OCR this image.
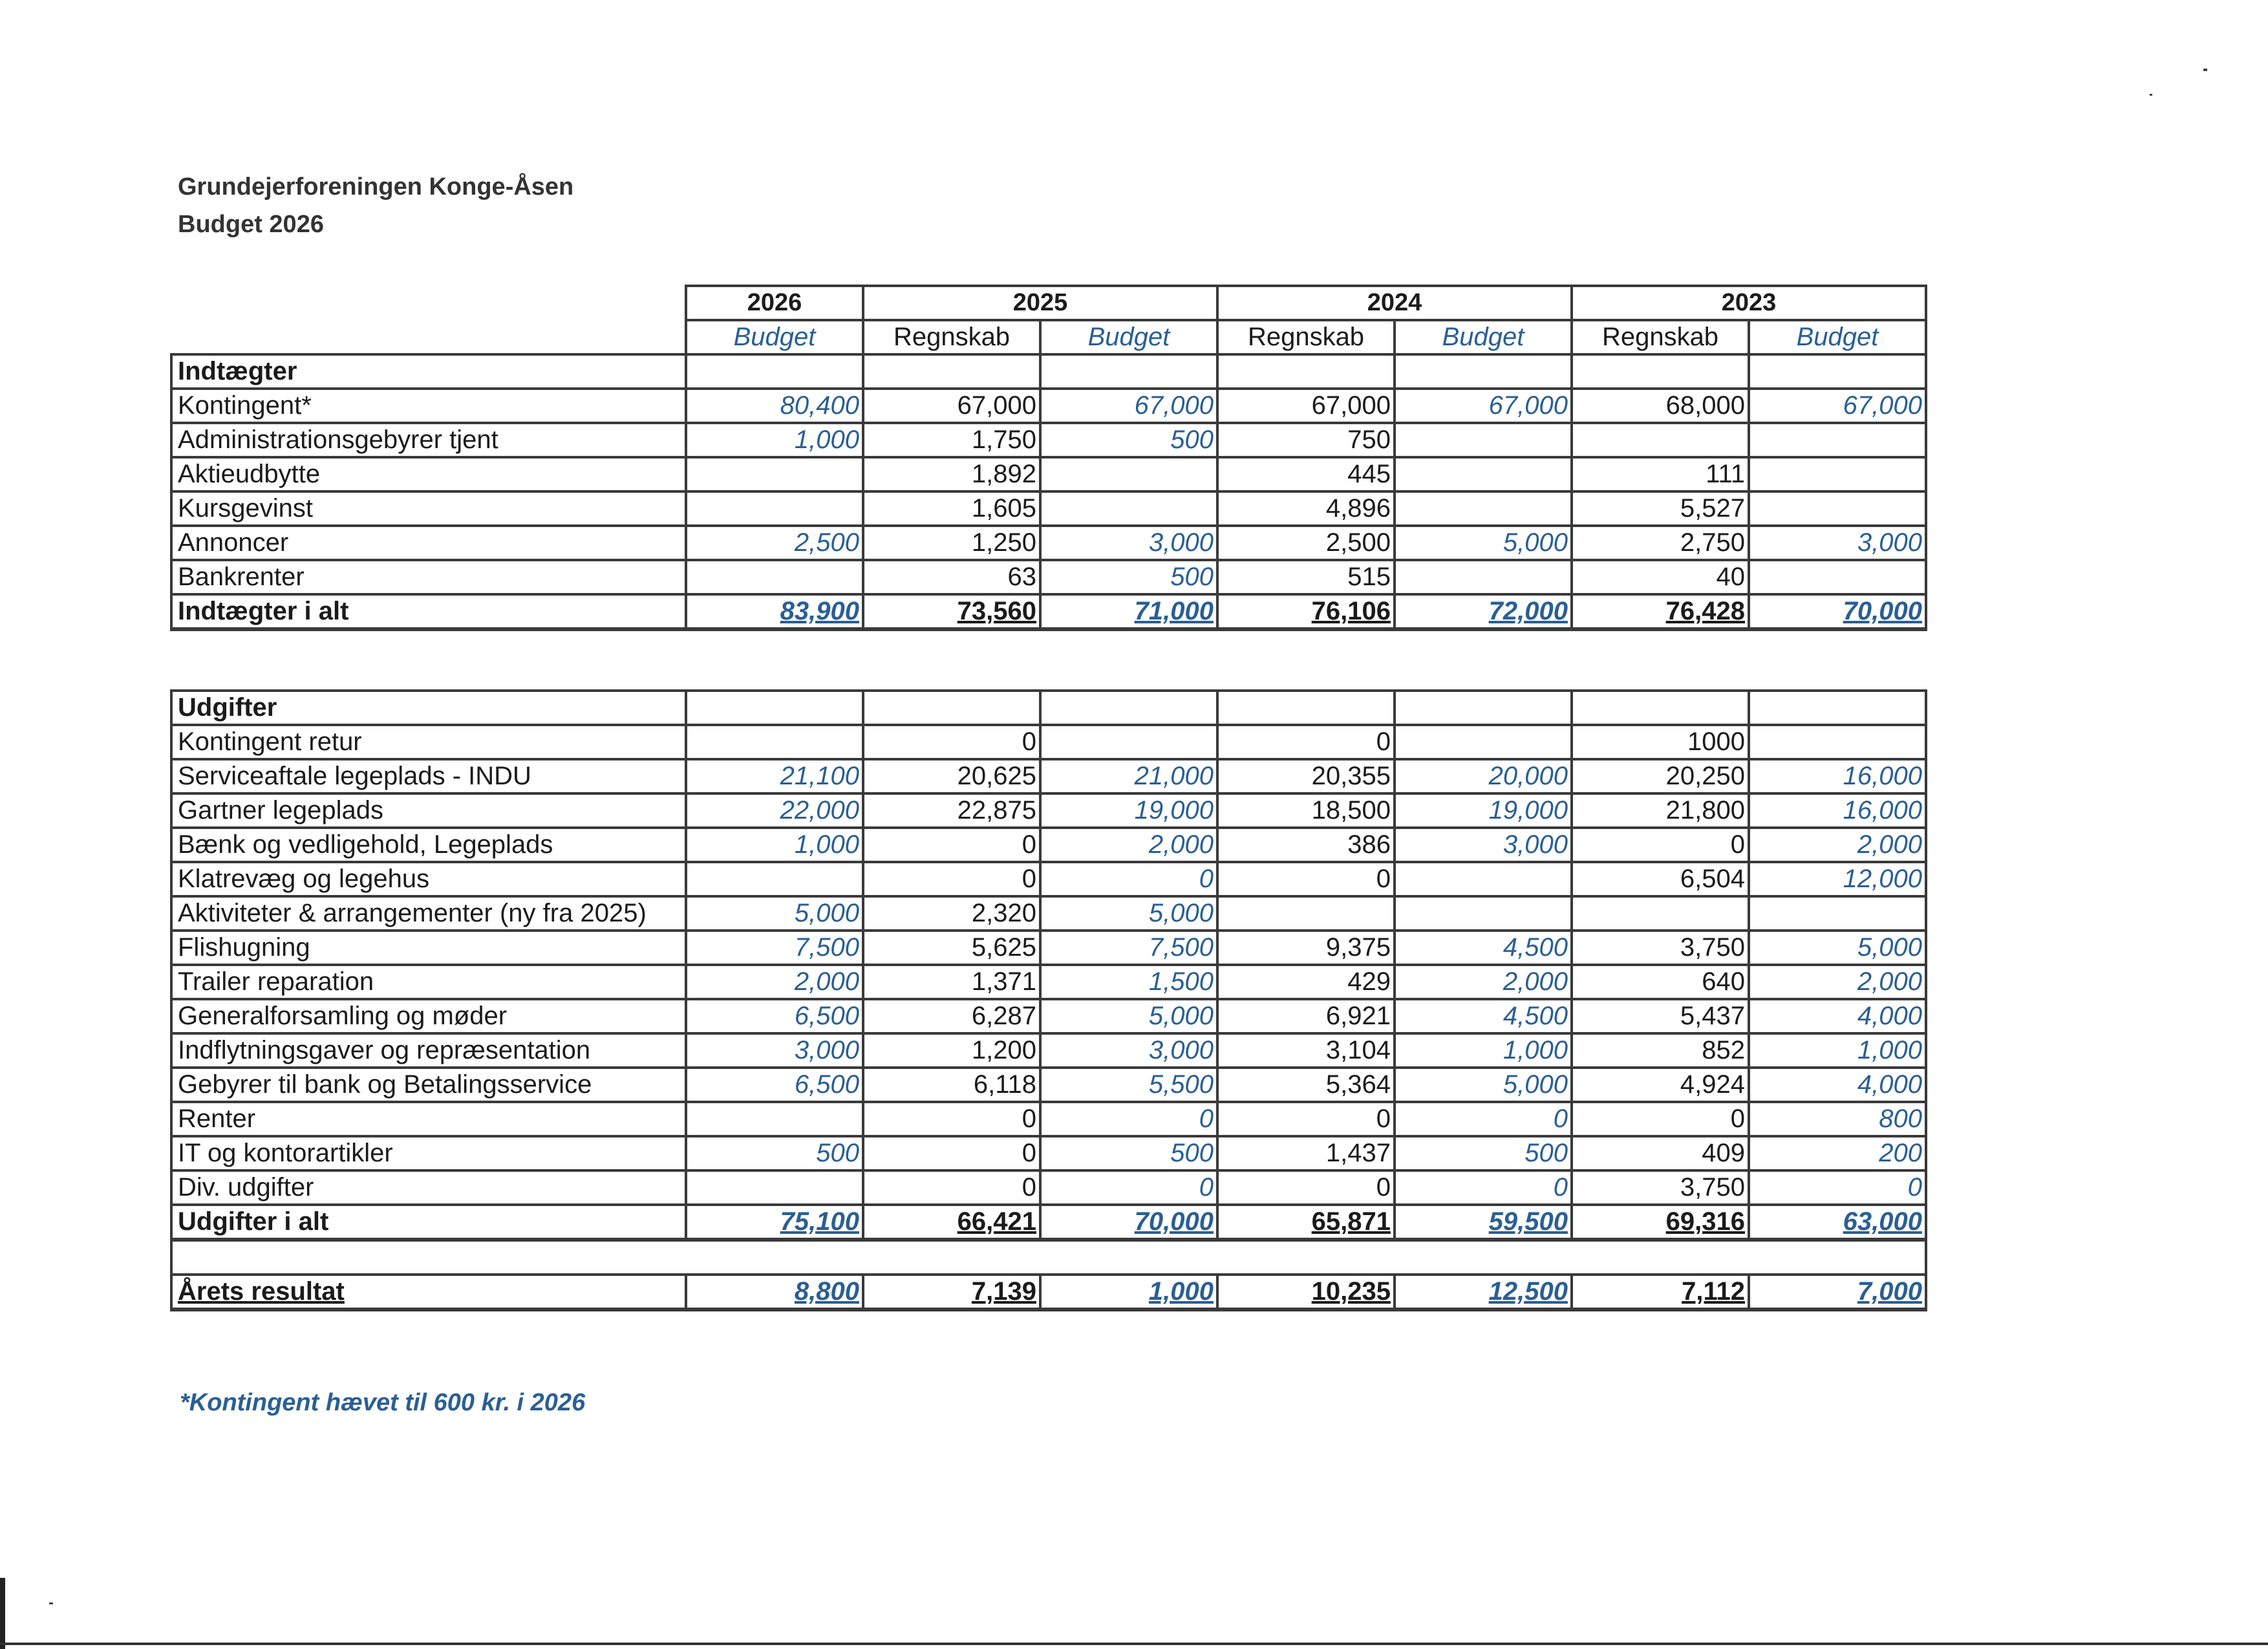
Grundejerforeningen Konge-Åsen
Budget 2026
	2026	2025		2024		2023	
	Budget	Regnskab	Budget	Regnskab	Budget	Regnskab	Budget
Indtægter							
Kontingent*	80,400	67,000	67,000	67,000	67,000	68,000	67,000
Administrationsgebyrer tjent	1,000	1,750	500	750			
Aktieudbytte		1,892		445		111	
Kursgevinst		1,605		4,896		5,527	
Annoncer	2,500	1,250	3,000	2,500	5,000	2,750	3,000
Bankrenter		63	500	515		40	
Indtægter i alt	83,900	73,560	71,000	76,106	72,000	76,428	70,000
Udgifter							
Kontingent retur		0		0		1000	
Serviceaftale legeplads - INDU	21,100	20,625	21,000	20,355	20,000	20,250	16,000
Gartner legeplads	22,000	22,875	19,000	18,500	19,000	21,800	16,000
Bænk og vedligehold, Legeplads	1,000	0	2,000	386	3,000	0	2,000
Klatrevæg og legehus		0	0	0		6,504	12,000
Aktiviteter & arrangementer (ny fra 2025)	5,000	2,320	5,000				
Flishugning	7,500	5,625	7,500	9,375	4,500	3,750	5,000
Trailer reparation	2,000	1,371	1,500	429	2,000	640	2,000
Generalforsamling og møder	6,500	6,287	5,000	6,921	4,500	5,437	4,000
Indflytningsgaver og repræsentation	3,000	1,200	3,000	3,104	1,000	852	1,000
Gebyrer til bank og Betalingsservice	6,500	6,118	5,500	5,364	5,000	4,924	4,000
Renter		0	0	0	0	0	800
IT og kontorartikler	500	0	500	1,437	500	409	200
Div. udgifter		0	0	0	0	3,750	0
Udgifter i alt	75,100	66,421	70,000	65,871	59,500	69,316	63,000

Årets resultat	8,800	7,139	1,000	10,235	12,500	7,112	7,000
*Kontingent hævet til 600 kr. i 2026
